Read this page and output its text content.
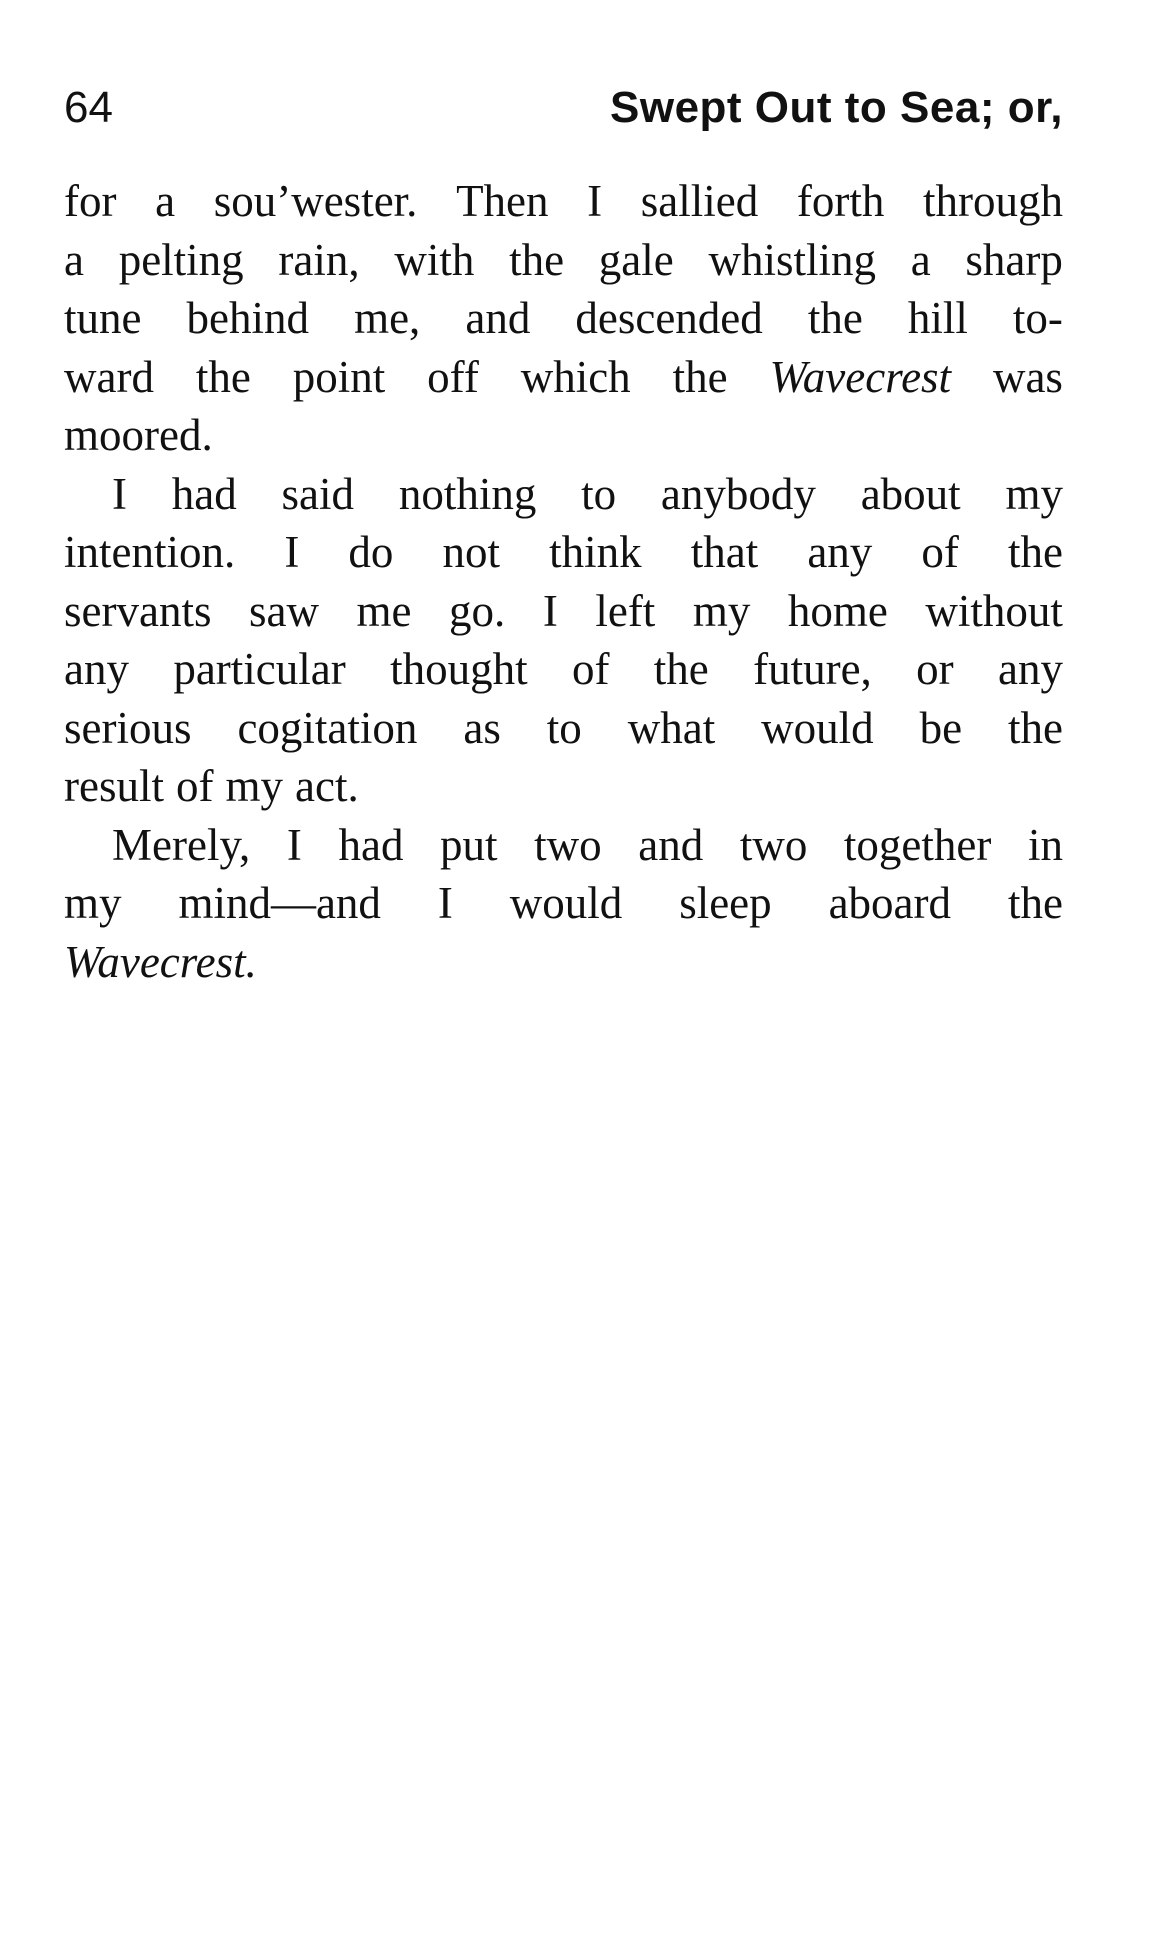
64	Swept Out to Sea; or,
for a sou’wester. Then I sallied forth through
a pelting rain, with the gale whistling a sharp
tune behind me, and descended the hill to-
ward the point off which the Wavecrest was
moored.
I had said nothing to anybody about my
intention. I do not think that any of the
servants saw me go. I left my home without
any particular thought of the future, or any
serious cogitation as to what would be the
result of my act.
Merely, I had put two and two together in
my mind—and I would sleep aboard the
Wavecrest.
